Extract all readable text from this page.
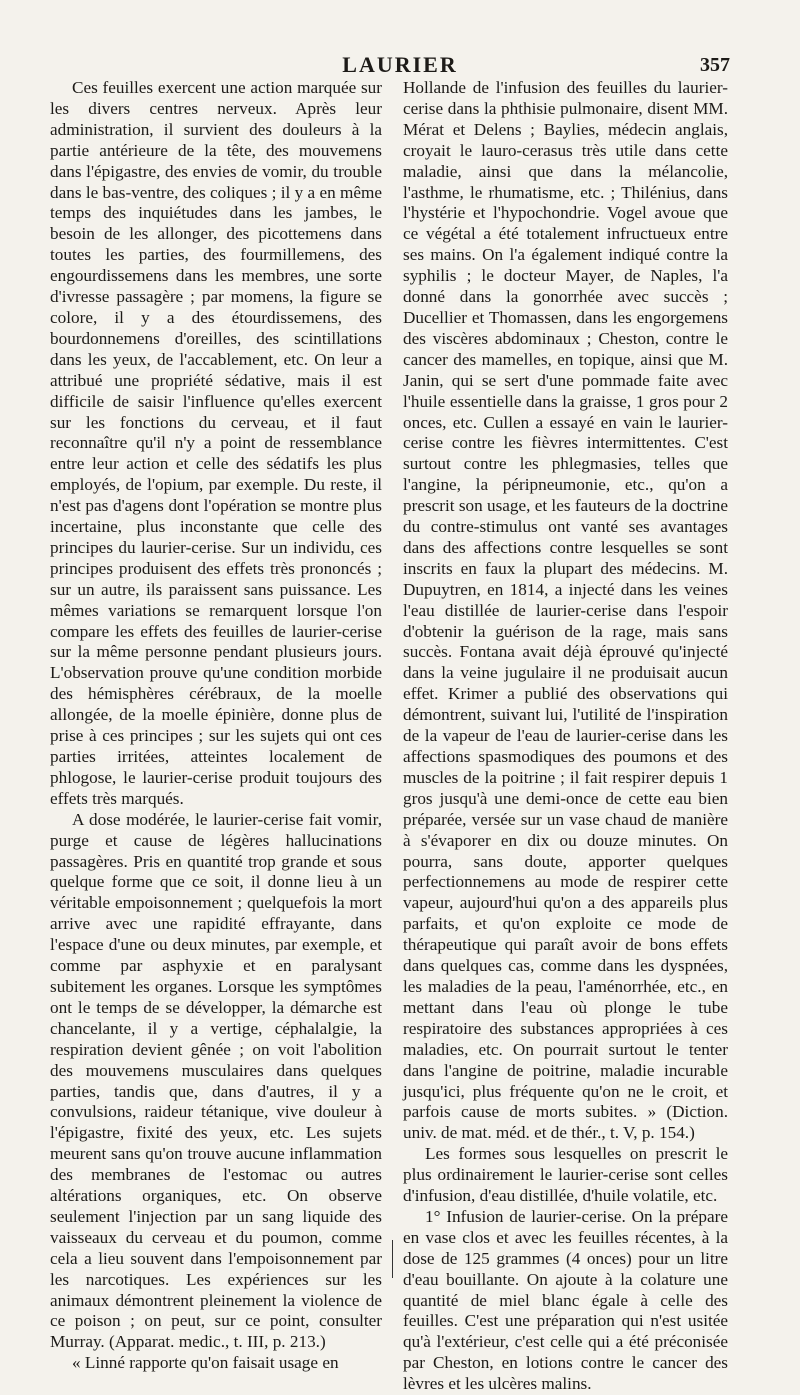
LAURIER	357

Ces feuilles exercent une action marquée sur les divers centres nerveux. Après leur administration, il survient des douleurs à la partie antérieure de la tête, des mouvemens dans l'épigastre, des envies de vomir, du trouble dans le bas-ventre, des coliques ; il y a en même temps des inquiétudes dans les jambes, le besoin de les allonger, des picottemens dans toutes les parties, des fourmillemens, des engourdissemens dans les membres, une sorte d'ivresse passagère ; par momens, la figure se colore, il y a des étourdissemens, des bourdonnemens d'oreilles, des scintillations dans les yeux, de l'accablement, etc. On leur a attribué une propriété sédative, mais il est difficile de saisir l'influence qu'elles exercent sur les fonctions du cerveau, et il faut reconnaître qu'il n'y a point de ressemblance entre leur action et celle des sédatifs les plus employés, de l'opium, par exemple. Du reste, il n'est pas d'agens dont l'opération se montre plus incertaine, plus inconstante que celle des principes du laurier-cerise. Sur un individu, ces principes produisent des effets très prononcés ; sur un autre, ils paraissent sans puissance. Les mêmes variations se remarquent lorsque l'on compare les effets des feuilles de laurier-cerise sur la même personne pendant plusieurs jours. L'observation prouve qu'une condition morbide des hémisphères cérébraux, de la moelle allongée, de la moelle épinière, donne plus de prise à ces principes ; sur les sujets qui ont ces parties irritées, atteintes localement de phlogose, le laurier-cerise produit toujours des effets très marqués.

A dose modérée, le laurier-cerise fait vomir, purge et cause de légères hallucinations passagères. Pris en quantité trop grande et sous quelque forme que ce soit, il donne lieu à un véritable empoisonnement ; quelquefois la mort arrive avec une rapidité effrayante, dans l'espace d'une ou deux minutes, par exemple, et comme par asphyxie et en paralysant subitement les organes. Lorsque les symptômes ont le temps de se développer, la démarche est chancelante, il y a vertige, céphalalgie, la respiration devient gênée ; on voit l'abolition des mouvemens musculaires dans quelques parties, tandis que, dans d'autres, il y a convulsions, raideur tétanique, vive douleur à l'épigastre, fixité des yeux, etc. Les sujets meurent sans qu'on trouve aucune inflammation des membranes de l'estomac ou autres altérations organiques, etc. On observe seulement l'injection par un sang liquide des vaisseaux du cerveau et du poumon, comme cela a lieu souvent dans l'empoisonnement par les narcotiques. Les expériences sur les animaux démontrent pleinement la violence de ce poison ; on peut, sur ce point, consulter Murray. (Apparat. medic., t. III, p. 213.)

« Linné rapporte qu'on faisait usage en

Hollande de l'infusion des feuilles du laurier-cerise dans la phthisie pulmonaire, disent MM. Mérat et Delens ; Baylies, médecin anglais, croyait le lauro-cerasus très utile dans cette maladie, ainsi que dans la mélancolie, l'asthme, le rhumatisme, etc. ; Thilénius, dans l'hystérie et l'hypochondrie. Vogel avoue que ce végétal a été totalement infructueux entre ses mains. On l'a également indiqué contre la syphilis ; le docteur Mayer, de Naples, l'a donné dans la gonorrhée avec succès ; Ducellier et Thomassen, dans les engorgemens des viscères abdominaux ; Cheston, contre le cancer des mamelles, en topique, ainsi que M. Janin, qui se sert d'une pommade faite avec l'huile essentielle dans la graisse, 1 gros pour 2 onces, etc. Cullen a essayé en vain le laurier-cerise contre les fièvres intermittentes. C'est surtout contre les phlegmasies, telles que l'angine, la péripneumonie, etc., qu'on a prescrit son usage, et les fauteurs de la doctrine du contre-stimulus ont vanté ses avantages dans des affections contre lesquelles se sont inscrits en faux la plupart des médecins. M. Dupuytren, en 1814, a injecté dans les veines l'eau distillée de laurier-cerise dans l'espoir d'obtenir la guérison de la rage, mais sans succès. Fontana avait déjà éprouvé qu'injecté dans la veine jugulaire il ne produisait aucun effet. Krimer a publié des observations qui démontrent, suivant lui, l'utilité de l'inspiration de la vapeur de l'eau de laurier-cerise dans les affections spasmodiques des poumons et des muscles de la poitrine ; il fait respirer depuis 1 gros jusqu'à une demi-once de cette eau bien préparée, versée sur un vase chaud de manière à s'évaporer en dix ou douze minutes. On pourra, sans doute, apporter quelques perfectionnemens au mode de respirer cette vapeur, aujourd'hui qu'on a des appareils plus parfaits, et qu'on exploite ce mode de thérapeutique qui paraît avoir de bons effets dans quelques cas, comme dans les dyspnées, les maladies de la peau, l'aménorrhée, etc., en mettant dans l'eau où plonge le tube respiratoire des substances appropriées à ces maladies, etc. On pourrait surtout le tenter dans l'angine de poitrine, maladie incurable jusqu'ici, plus fréquente qu'on ne le croit, et parfois cause de morts subites. » (Diction. univ. de mat. méd. et de thér., t. V, p. 154.)

Les formes sous lesquelles on prescrit le plus ordinairement le laurier-cerise sont celles d'infusion, d'eau distillée, d'huile volatile, etc.

1° Infusion de laurier-cerise. On la prépare en vase clos et avec les feuilles récentes, à la dose de 125 grammes (4 onces) pour un litre d'eau bouillante. On ajoute à la colature une quantité de miel blanc égale à celle des feuilles. C'est une préparation qui n'est usitée qu'à l'extérieur, c'est celle qui a été préconisée par Cheston, en lotions contre le cancer des lèvres et les ulcères malins.
